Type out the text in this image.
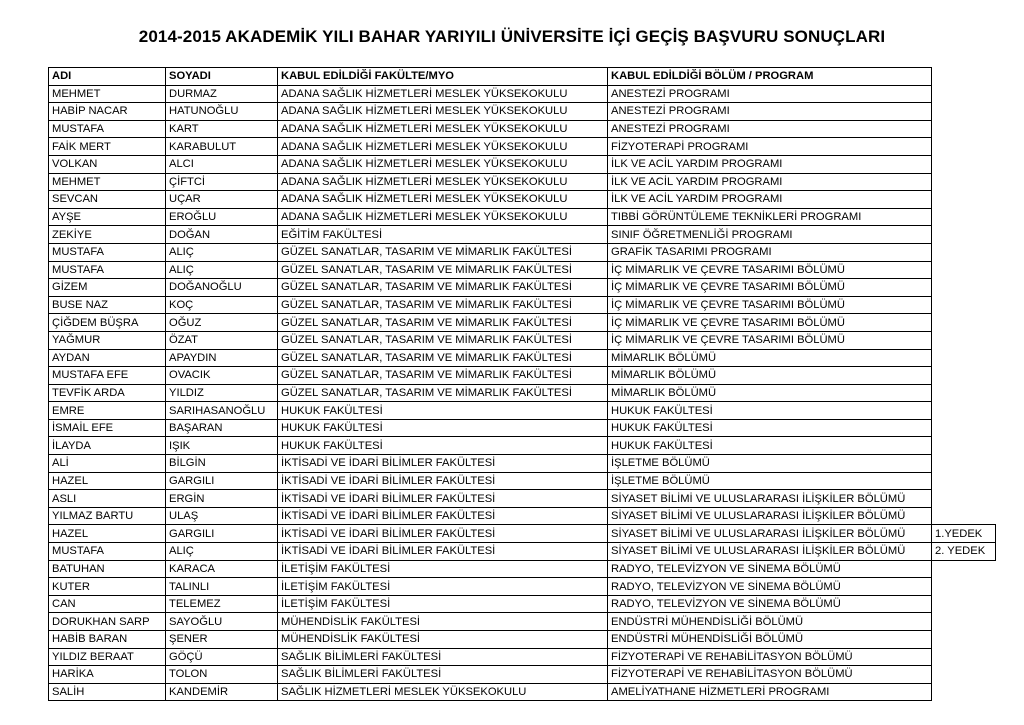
2014-2015 AKADEMİK YILI BAHAR YARIYILI ÜNİVERSİTE İÇİ GEÇİŞ BAŞVURU SONUÇLARI
ADI	SOYADI	KABUL EDİLDİĞİ FAKÜLTE/MYO	KABUL EDİLDİĞİ BÖLÜM / PROGRAM	
MEHMET	DURMAZ	ADANA SAĞLIK HİZMETLERİ MESLEK YÜKSEKOKULU	ANESTEZİ PROGRAMI	
HABİP NACAR	HATUNOĞLU	ADANA SAĞLIK HİZMETLERİ MESLEK YÜKSEKOKULU	ANESTEZİ PROGRAMI	
MUSTAFA	KART	ADANA SAĞLIK HİZMETLERİ MESLEK YÜKSEKOKULU	ANESTEZİ PROGRAMI	
FAİK MERT	KARABULUT	ADANA SAĞLIK HİZMETLERİ MESLEK YÜKSEKOKULU	FİZYOTERAPİ PROGRAMI	
VOLKAN	ALCI	ADANA SAĞLIK HİZMETLERİ MESLEK YÜKSEKOKULU	İLK VE ACİL YARDIM PROGRAMI	
MEHMET	ÇİFTCİ	ADANA SAĞLIK HİZMETLERİ MESLEK YÜKSEKOKULU	İLK VE ACİL YARDIM PROGRAMI	
SEVCAN	UÇAR	ADANA SAĞLIK HİZMETLERİ MESLEK YÜKSEKOKULU	İLK VE ACİL YARDIM PROGRAMI	
AYŞE	EROĞLU	ADANA SAĞLIK HİZMETLERİ MESLEK YÜKSEKOKULU	TIBBİ GÖRÜNTÜLEME TEKNİKLERİ PROGRAMI	
ZEKİYE	DOĞAN	EĞİTİM FAKÜLTESİ	SINIF ÖĞRETMENLİĞİ PROGRAMI	
MUSTAFA	ALIÇ	GÜZEL SANATLAR, TASARIM VE MİMARLIK FAKÜLTESİ	GRAFİK TASARIMI PROGRAMI	
MUSTAFA	ALIÇ	GÜZEL SANATLAR, TASARIM VE MİMARLIK FAKÜLTESİ	İÇ MİMARLIK VE ÇEVRE TASARIMI BÖLÜMÜ	
GİZEM	DOĞANOĞLU	GÜZEL SANATLAR, TASARIM VE MİMARLIK FAKÜLTESİ	İÇ MİMARLIK VE ÇEVRE TASARIMI BÖLÜMÜ	
BUSE NAZ	KOÇ	GÜZEL SANATLAR, TASARIM VE MİMARLIK FAKÜLTESİ	İÇ MİMARLIK VE ÇEVRE TASARIMI BÖLÜMÜ	
ÇİĞDEM BÜŞRA	OĞUZ	GÜZEL SANATLAR, TASARIM VE MİMARLIK FAKÜLTESİ	İÇ MİMARLIK VE ÇEVRE TASARIMI BÖLÜMÜ	
YAĞMUR	ÖZAT	GÜZEL SANATLAR, TASARIM VE MİMARLIK FAKÜLTESİ	İÇ MİMARLIK VE ÇEVRE TASARIMI BÖLÜMÜ	
AYDAN	APAYDIN	GÜZEL SANATLAR, TASARIM VE MİMARLIK FAKÜLTESİ	MİMARLIK BÖLÜMÜ	
MUSTAFA EFE	OVACIK	GÜZEL SANATLAR, TASARIM VE MİMARLIK FAKÜLTESİ	MİMARLIK BÖLÜMÜ	
TEVFİK ARDA	YILDIZ	GÜZEL SANATLAR, TASARIM VE MİMARLIK FAKÜLTESİ	MİMARLIK BÖLÜMÜ	
EMRE	SARIHASANOĞLU	HUKUK FAKÜLTESİ	HUKUK FAKÜLTESİ	
İSMAİL EFE	BAŞARAN	HUKUK FAKÜLTESİ	HUKUK FAKÜLTESİ	
İLAYDA	IŞIK	HUKUK FAKÜLTESİ	HUKUK FAKÜLTESİ	
ALİ	BİLGİN	İKTİSADİ VE İDARİ BİLİMLER FAKÜLTESİ	İŞLETME BÖLÜMÜ	
HAZEL	GARGILI	İKTİSADİ VE İDARİ BİLİMLER FAKÜLTESİ	İŞLETME BÖLÜMÜ	
ASLI	ERGİN	İKTİSADİ VE İDARİ BİLİMLER FAKÜLTESİ	SİYASET BİLİMİ VE ULUSLARARASI İLİŞKİLER BÖLÜMÜ	
YILMAZ BARTU	ULAŞ	İKTİSADİ VE İDARİ BİLİMLER FAKÜLTESİ	SİYASET BİLİMİ VE ULUSLARARASI İLİŞKİLER BÖLÜMÜ	
HAZEL	GARGILI	İKTİSADİ VE İDARİ BİLİMLER FAKÜLTESİ	SİYASET BİLİMİ VE ULUSLARARASI İLİŞKİLER BÖLÜMÜ	1.YEDEK
MUSTAFA	ALIÇ	İKTİSADİ VE İDARİ BİLİMLER FAKÜLTESİ	SİYASET BİLİMİ VE ULUSLARARASI İLİŞKİLER BÖLÜMÜ	2. YEDEK
BATUHAN	KARACA	İLETİŞİM FAKÜLTESİ	RADYO, TELEVİZYON VE SİNEMA BÖLÜMÜ	
KUTER	TALINLI	İLETİŞİM FAKÜLTESİ	RADYO, TELEVİZYON VE SİNEMA BÖLÜMÜ	
CAN	TELEMEZ	İLETİŞİM FAKÜLTESİ	RADYO, TELEVİZYON VE SİNEMA BÖLÜMÜ	
DORUKHAN SARP	SAYOĞLU	MÜHENDİSLİK FAKÜLTESİ	ENDÜSTRİ MÜHENDİSLİĞİ BÖLÜMÜ	
HABİB BARAN	ŞENER	MÜHENDİSLİK FAKÜLTESİ	ENDÜSTRİ MÜHENDİSLİĞİ BÖLÜMÜ	
YILDIZ BERAAT	GÖÇÜ	SAĞLIK BİLİMLERİ FAKÜLTESİ	FİZYOTERAPİ VE REHABİLİTASYON BÖLÜMÜ	
HARİKA	TOLON	SAĞLIK BİLİMLERİ FAKÜLTESİ	FİZYOTERAPİ VE REHABİLİTASYON BÖLÜMÜ	
SALİH	KANDEMİR	SAĞLIK HİZMETLERİ MESLEK YÜKSEKOKULU	AMELİYATHANE HİZMETLERİ PROGRAMI	
